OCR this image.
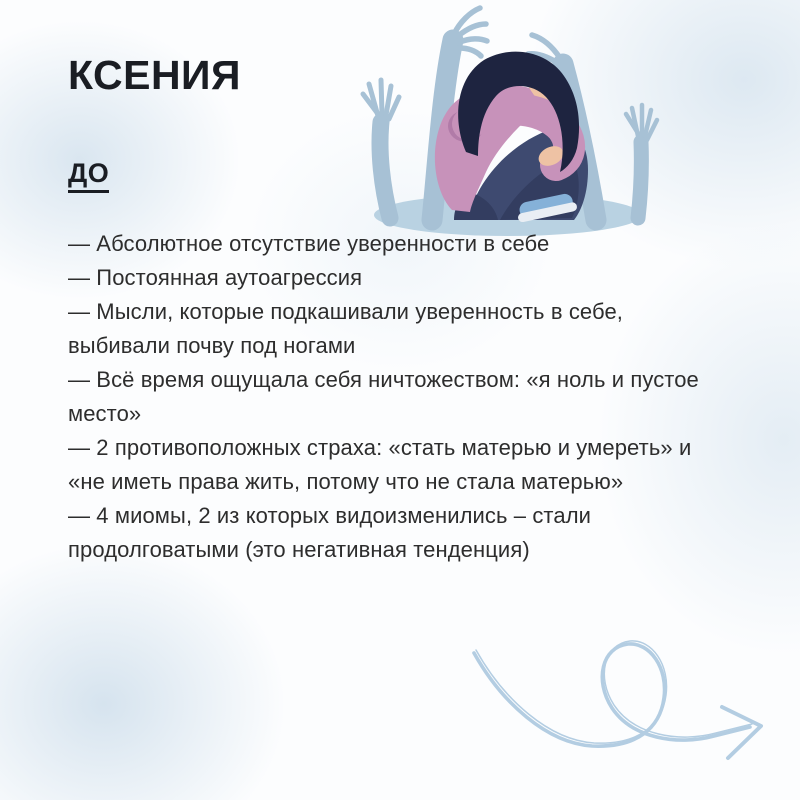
КСЕНИЯ
ДО

— Абсолютное отсутствие уверенности в себе

— Постоянная аутоагрессия

— Мысли, которые подкашивали уверенность в себе, выбивали почву под ногами

— Всё время ощущала себя ничтожеством: «я ноль и пустое место»

— 2 противоположных страха: «стать матерью и умереть» и «не иметь права жить, потому что не стала матерью»

— 4 миомы, 2 из которых видоизменились – стали продолговатыми (это негативная тенденция)
